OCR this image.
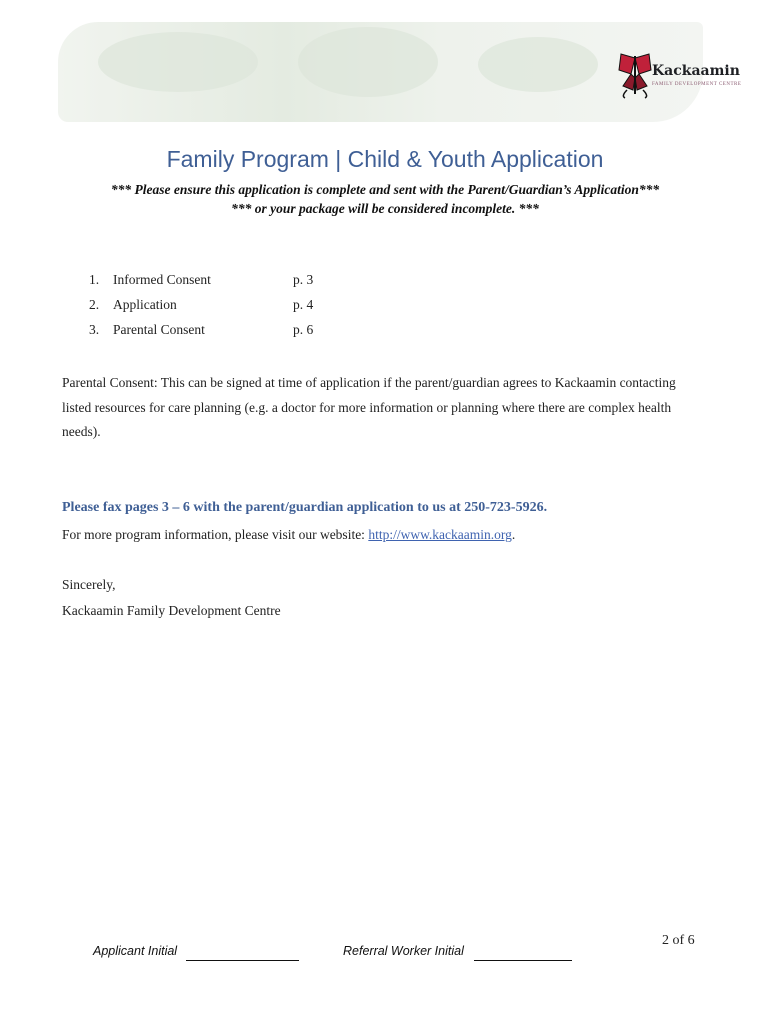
Kackaamin
FAMILY DEVELOPMENT CENTRE
Family Program | Child & Youth Application
*** Please ensure this application is complete and sent with the Parent/Guardian’s Application***
*** or your package will be considered incomplete. ***
1. Informed Consent	p. 3
2. Application	p. 4
3. Parental Consent	p. 6
Parental Consent: This can be signed at time of application if the parent/guardian agrees to Kackaamin contacting listed resources for care planning (e.g. a doctor for more information or planning where there are complex health needs).
Please fax pages 3 – 6 with the parent/guardian application to us at 250-723-5926.
For more program information, please visit our website: http://www.kackaamin.org.
Sincerely,
Kackaamin Family Development Centre
2 of 6
Applicant Initial	Referral Worker Initial
